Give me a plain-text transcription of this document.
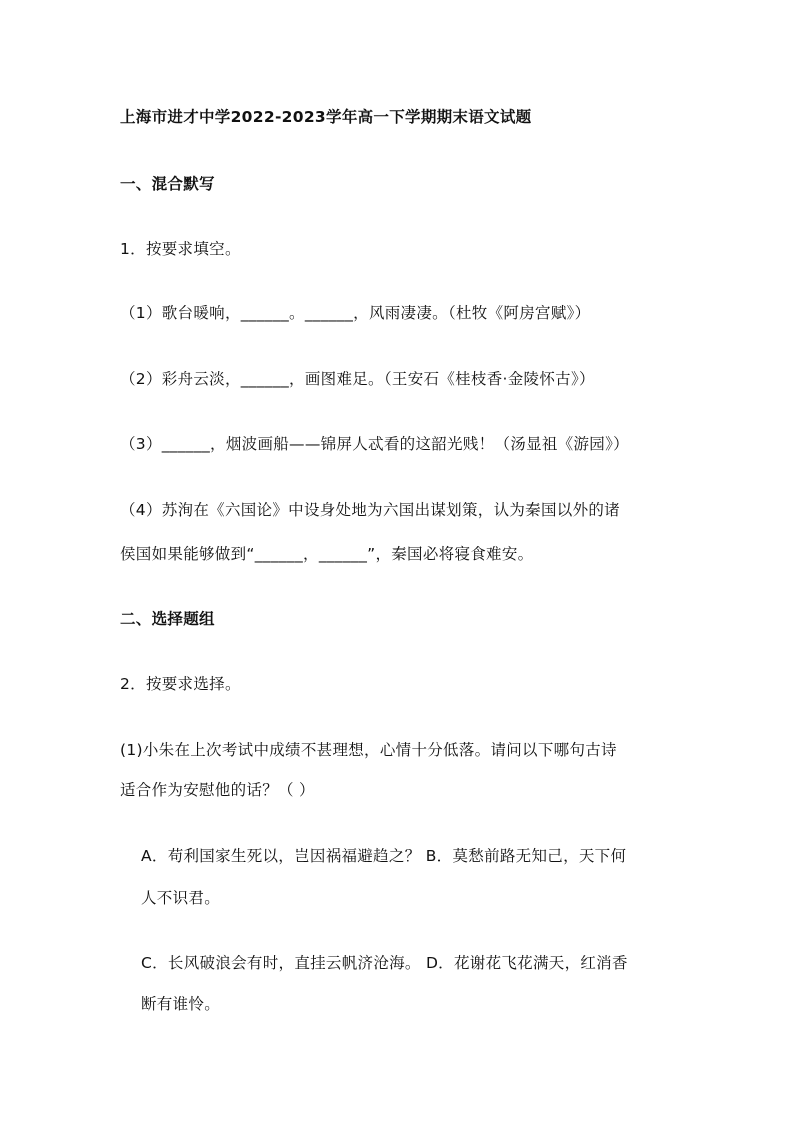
上海市进才中学2022-2023学年高一下学期期末语文试题
一、混合默写
1．按要求填空。
（1）歌台暖响，______。______，风雨凄凄。（杜牧《阿房宫赋》）
（2）彩舟云淡，______，画图难足。（王安石《桂枝香·金陵怀古》）
（3）______，烟波画船——锦屏人忒看的这韶光贱！（汤显祖《游园》）
（4）苏洵在《六国论》中设身处地为六国出谋划策，认为秦国以外的诸
侯国如果能够做到“______，______”，秦国必将寝食难安。
二、选择题组
2．按要求选择。
(1)小朱在上次考试中成绩不甚理想，心情十分低落。请问以下哪句古诗
适合作为安慰他的话？（ ）
A．苟利国家生死以，岂因祸福避趋之？ B．莫愁前路无知己，天下何
人不识君。
C．长风破浪会有时，直挂云帆济沧海。 D．花谢花飞花满天，红消香
断有谁怜。
